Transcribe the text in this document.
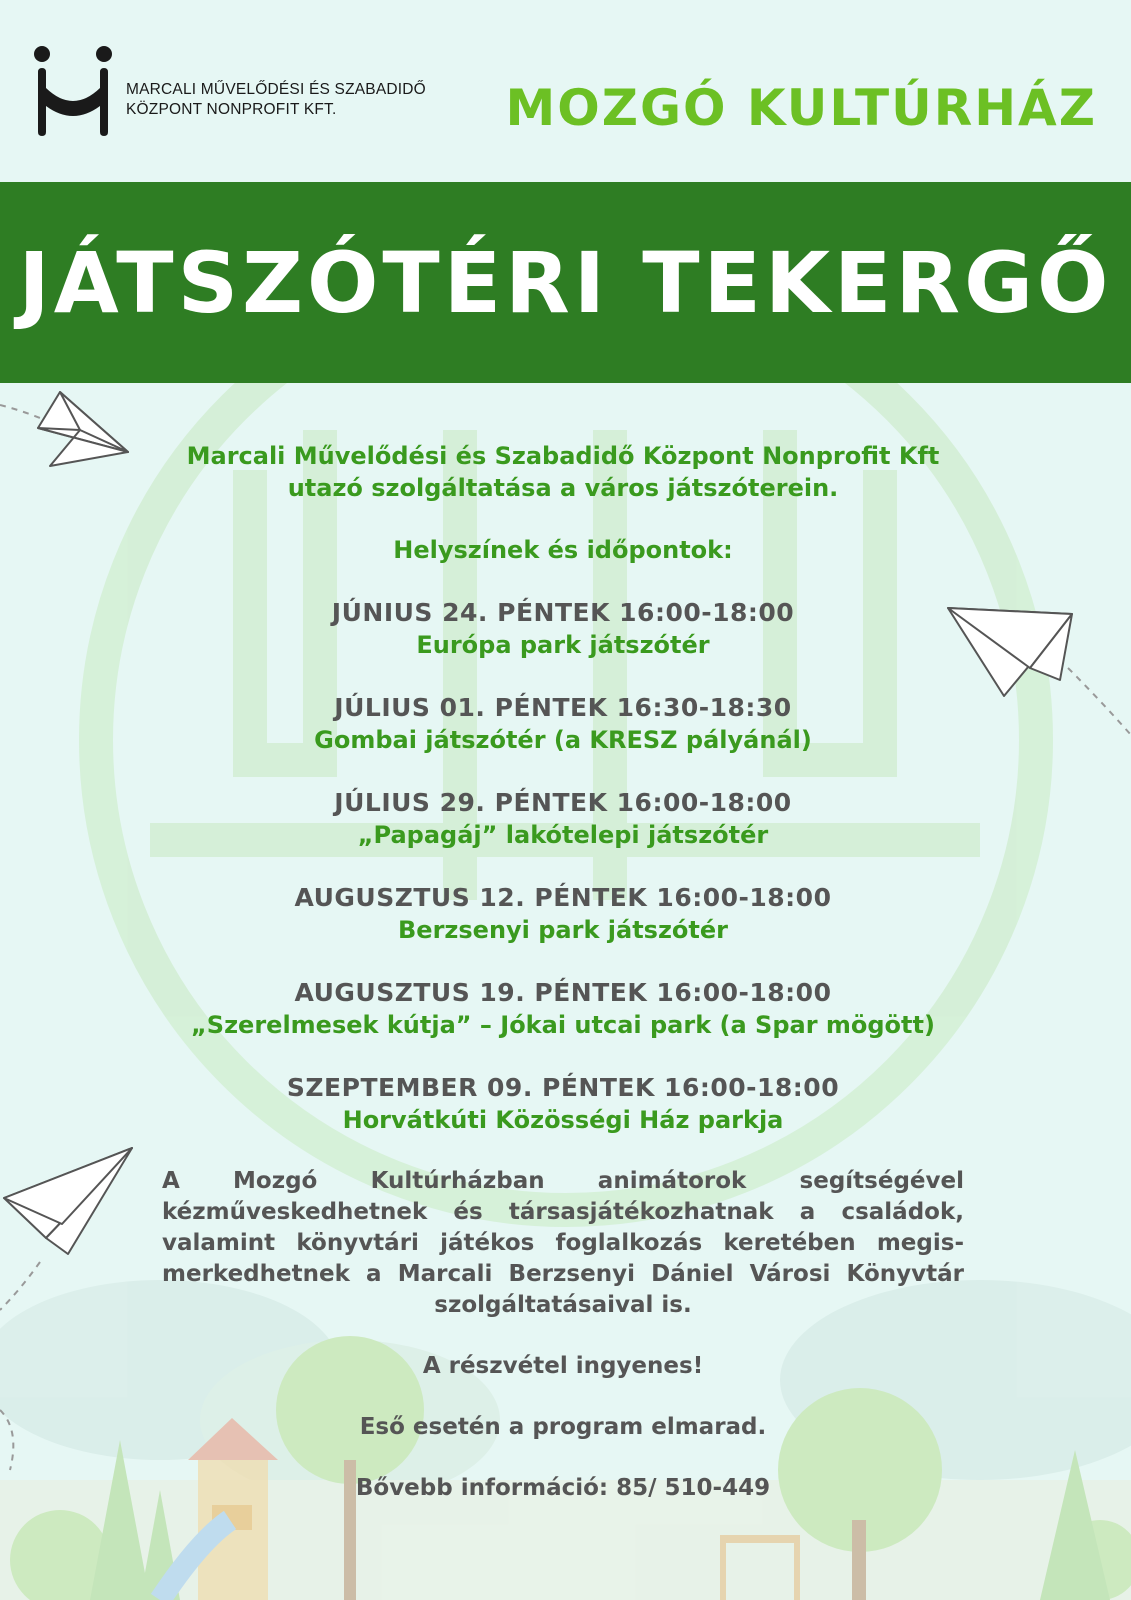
MARCALI MŰVELŐDÉSI ÉS SZABADIDŐ
KÖZPONT NONPROFIT KFT.	MOZGÓ KULTÚRHÁZ
JÁTSZÓTÉRI TEKERGŐ

Marcali Művelődési és Szabadidő Központ Nonprofit Kft utazó szolgáltatása a város játszóterein.

Helyszínek és időpontok:

JÚNIUS 24. PÉNTEK 16:00-18:00
Európa park játszótér
JÚLIUS 01. PÉNTEK 16:30-18:30
Gombai játszótér (a KRESZ pályánál)
JÚLIUS 29. PÉNTEK 16:00-18:00
„Papagáj” lakótelepi játszótér
AUGUSZTUS 12. PÉNTEK 16:00-18:00
Berzsenyi park játszótér
AUGUSZTUS 19. PÉNTEK 16:00-18:00
„Szerelmesek kútja” – Jókai utcai park (a Spar mögött)
SZEPTEMBER 09. PÉNTEK 16:00-18:00
Horvátkúti Közösségi Ház parkja
A Mozgó Kultúrházban animátorok segítségével kézműveskedhetnek és társasjátékozhatnak a családok, valamint könyvtári játékos foglalkozás keretében megismerkedhetnek a Marcali Berzsenyi Dániel Városi Könyvtár szolgáltatásaival is.
A részvétel ingyenes!
Eső esetén a program elmarad.
Bővebb információ: 85/ 510-449
